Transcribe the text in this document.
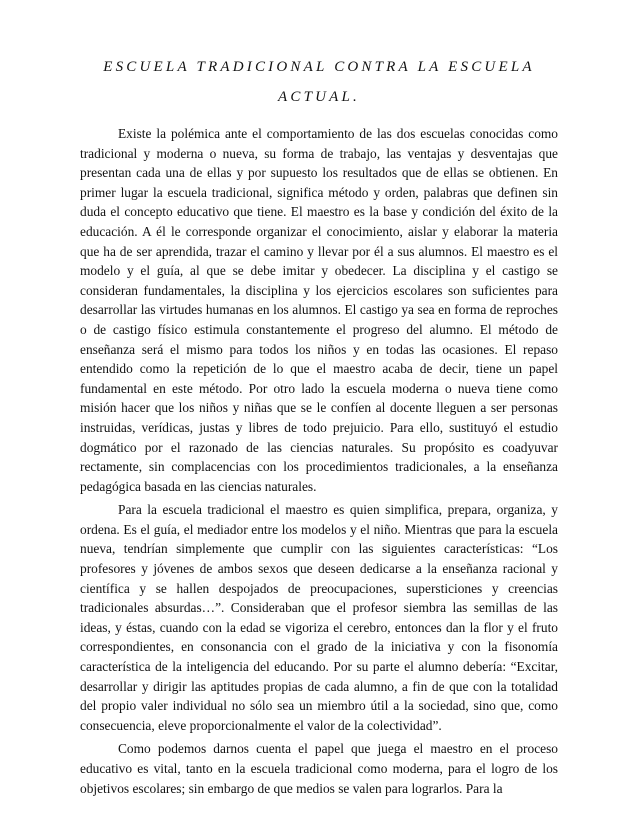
ESCUELA TRADICIONAL CONTRA LA ESCUELA
ACTUAL.

Existe la polémica ante el comportamiento de las dos escuelas conocidas como tradicional y moderna o nueva, su forma de trabajo, las ventajas y desventajas que presentan cada una de ellas y por supuesto los resultados que de ellas se obtienen. En primer lugar la escuela tradicional, significa método y orden, palabras que definen sin duda el concepto educativo que tiene. El maestro es la base y condición del éxito de la educación. A él le corresponde organizar el conocimiento, aislar y elaborar la materia que ha de ser aprendida, trazar el camino y llevar por él a sus alumnos. El maestro es el modelo y el guía, al que se debe imitar y obedecer. La disciplina y el castigo se consideran fundamentales, la disciplina y los ejercicios escolares son suficientes para desarrollar las virtudes humanas en los alumnos. El castigo ya sea en forma de reproches o de castigo físico estimula constantemente el progreso del alumno. El método de enseñanza será el mismo para todos los niños y en todas las ocasiones. El repaso entendido como la repetición de lo que el maestro acaba de decir, tiene un papel fundamental en este método. Por otro lado la escuela moderna o nueva tiene como misión hacer que los niños y niñas que se le confíen al docente lleguen a ser personas instruidas, verídicas, justas y libres de todo prejuicio. Para ello, sustituyó el estudio dogmático por el razonado de las ciencias naturales. Su propósito es coadyuvar rectamente, sin complacencias con los procedimientos tradicionales, a la enseñanza pedagógica basada en las ciencias naturales.

Para la escuela tradicional el maestro es quien simplifica, prepara, organiza, y ordena. Es el guía, el mediador entre los modelos y el niño. Mientras que para la escuela nueva, tendrían simplemente que cumplir con las siguientes características: “Los profesores y jóvenes de ambos sexos que deseen dedicarse a la enseñanza racional y científica y se hallen despojados de preocupaciones, supersticiones y creencias tradicionales absurdas…”. Consideraban que el profesor siembra las semillas de las ideas, y éstas, cuando con la edad se vigoriza el cerebro, entonces dan la flor y el fruto correspondientes, en consonancia con el grado de la iniciativa y con la fisonomía característica de la inteligencia del educando. Por su parte el alumno debería: “Excitar, desarrollar y dirigir las aptitudes propias de cada alumno, a fin de que con la totalidad del propio valer individual no sólo sea un miembro útil a la sociedad, sino que, como consecuencia, eleve proporcionalmente el valor de la colectividad”.

Como podemos darnos cuenta el papel que juega el maestro en el proceso educativo es vital, tanto en la escuela tradicional como moderna, para el logro de los objetivos escolares; sin embargo de que medios se valen para lograrlos. Para la
